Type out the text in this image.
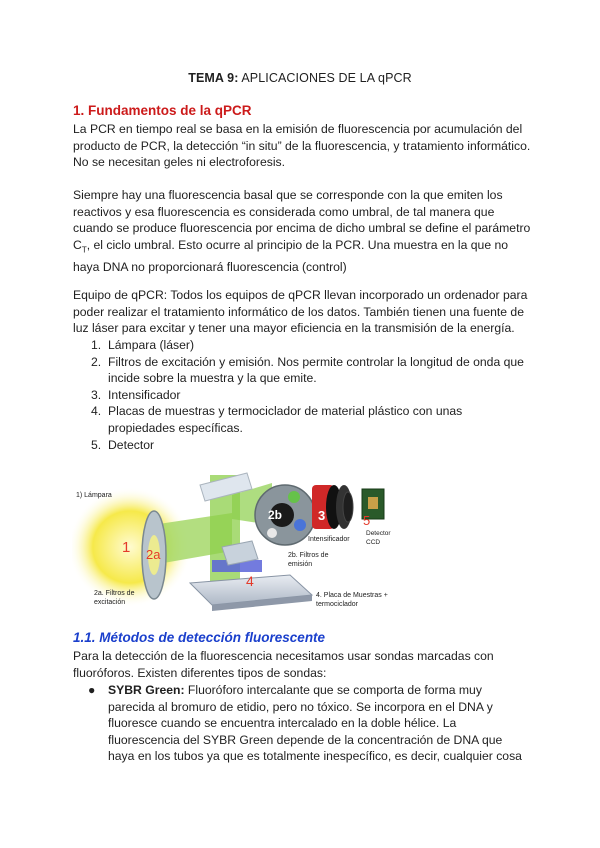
TEMA 9: APLICACIONES DE LA qPCR
1. Fundamentos de la qPCR
La PCR en tiempo real se basa en la emisión de fluorescencia por acumulación del
producto de PCR, la detección “in situ” de la fluorescencia, y tratamiento informático.
No se necesitan geles ni electroforesis.
Siempre hay una fluorescencia basal que se corresponde con la que emiten los
reactivos y esa fluorescencia es considerada como umbral, de tal manera que
cuando se produce fluorescencia por encima de dicho umbral se define el parámetro
$C_T$, el ciclo umbral. Esto ocurre al principio de la PCR. Una muestra en la que no
haya DNA no proporcionará fluorescencia (control)
Equipo de qPCR: Todos los equipos de qPCR llevan incorporado un ordenador para
poder realizar el tratamiento informático de los datos. También tienen una fuente de
luz láser para excitar y tener una mayor eficiencia en la transmisión de la energía.
1. Lámpara (láser)
2. Filtros de excitación y emisión. Nos permite controlar la longitud de onda que
incide sobre la muestra y la que emite.
3. Intensificador
4. Placas de muestras y termociclador de material plástico con unas
propiedades específicas.
5. Detector
1 2a
2b	3
4
5
1) Lámpara
2a. Filtros de
excitación
2b. Filtros de
emisión
Intensificador
Detector
CCD
4. Placa de Muestras +
termociclador
1.1. Métodos de detección fluorescente
Para la detección de la fluorescencia necesitamos usar sondas marcadas con
fluoróforos. Existen diferentes tipos de sondas:
● SYBR Green: Fluoróforo intercalante que se comporta de forma muy
parecida al bromuro de etidio, pero no tóxico. Se incorpora en el DNA y
fluoresce cuando se encuentra intercalado en la doble hélice. La
fluorescencia del SYBR Green depende de la concentración de DNA que
haya en los tubos ya que es totalmente inespecífico, es decir, cualquier cosa
